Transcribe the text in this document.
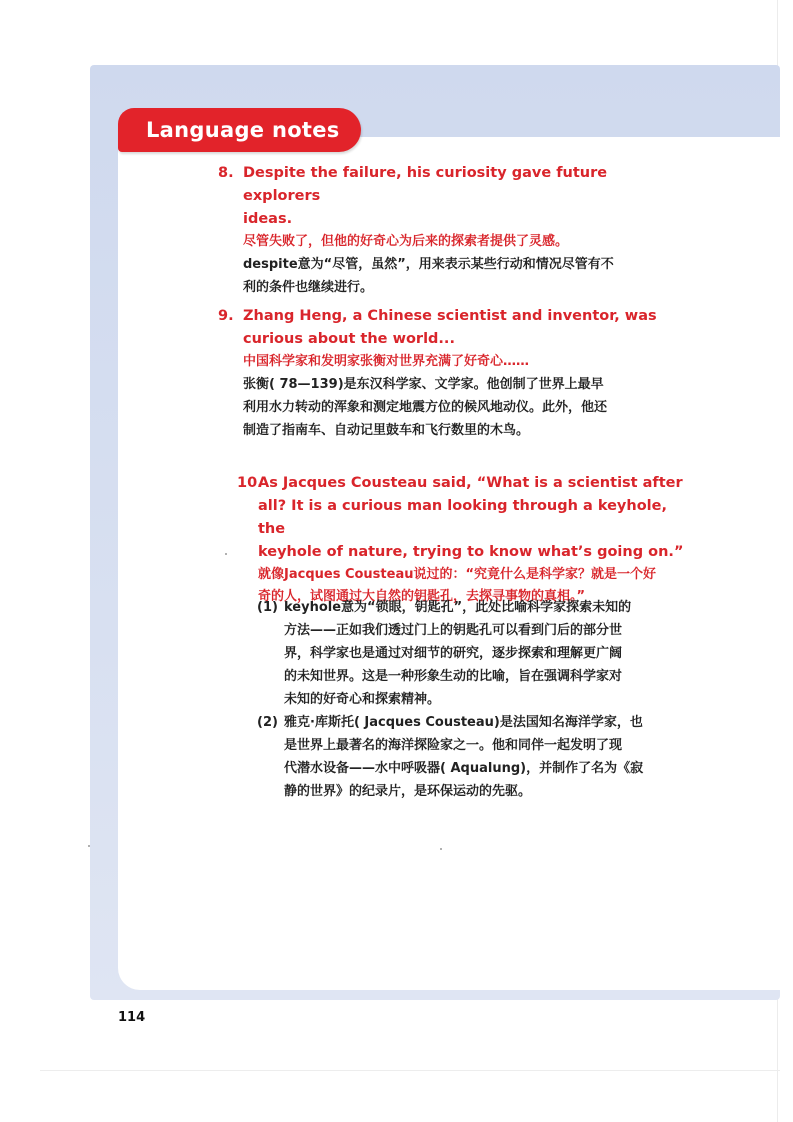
Language notes
8. Despite the failure, his curiosity gave future explorers
ideas.
尽管失败了，但他的好奇心为后来的探索者提供了灵感。
despite意为“尽管，虽然”，用来表示某些行动和情况尽管有不
利的条件也继续进行。
9. Zhang Heng, a Chinese scientist and inventor, was
curious about the world...
中国科学家和发明家张衡对世界充满了好奇心……
张衡( 78—139)是东汉科学家、文学家。他创制了世界上最早
利用水力转动的浑象和测定地震方位的候风地动仪。此外，他还
制造了指南车、自动记里鼓车和飞行数里的木鸟。
10.
As Jacques Cousteau said, “What is a scientist after
all? It is a curious man looking through a keyhole, the
keyhole of nature, trying to know what’s going on.”
就像Jacques Cousteau说过的：“究竟什么是科学家？就是一个好
奇的人，试图通过大自然的钥匙孔，去探寻事物的真相。”
(1) keyhole意为“锁眼，钥匙孔”，此处比喻科学家探索未知的
方法——正如我们透过门上的钥匙孔可以看到门后的部分世
界，科学家也是通过对细节的研究，逐步探索和理解更广阔
的未知世界。这是一种形象生动的比喻，旨在强调科学家对
未知的好奇心和探索精神。
(2) 雅克·库斯托( Jacques Cousteau)是法国知名海洋学家，也
是世界上最著名的海洋探险家之一。他和同伴一起发明了现
代潜水设备——水中呼吸器( Aqualung)，并制作了名为《寂
静的世界》的纪录片，是环保运动的先驱。
114
